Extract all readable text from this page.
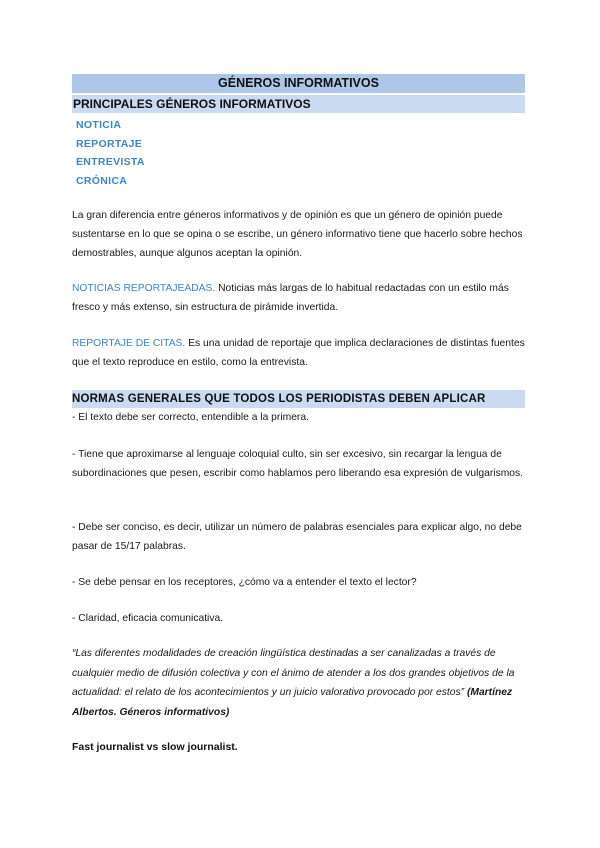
GÉNEROS INFORMATIVOS
PRINCIPALES GÉNEROS INFORMATIVOS
NOTICIA
REPORTAJE
ENTREVISTA
CRÓNICA

La gran diferencia entre géneros informativos y de opinión es que un género de opinión puede sustentarse en lo que se opina o se escribe, un género informativo tiene que hacerlo sobre hechos demostrables, aunque algunos aceptan la opinión.

NOTICIAS REPORTAJEADAS. Noticias más largas de lo habitual redactadas con un estilo más fresco y más extenso, sin estructura de pirámide invertida.

REPORTAJE DE CITAS. Es una unidad de reportaje que implica declaraciones de distintas fuentes que el texto reproduce en estilo, como la entrevista.

NORMAS GENERALES QUE TODOS LOS PERIODISTAS DEBEN APLICAR

- El texto debe ser correcto, entendible a la primera.

- Tiene que aproximarse al lenguaje coloquial culto, sin ser excesivo, sin recargar la lengua de subordinaciones que pesen, escribir como hablamos pero liberando esa expresión de vulgarismos.

- Debe ser conciso, es decir, utilizar un número de palabras esenciales para explicar algo, no debe pasar de 15/17 palabras.

- Se debe pensar en los receptores, ¿cómo va a entender el texto el lector?

- Claridad, eficacia comunicativa.

“Las diferentes modalidades de creación lingüística destinadas a ser canalizadas a través de cualquier medio de difusión colectiva y con el ánimo de atender a los dos grandes objetivos de la actualidad: el relato de los acontecimientos y un juicio valorativo provocado por estos” (Martínez Albertos. Géneros informativos)

Fast journalist vs slow journalist.
